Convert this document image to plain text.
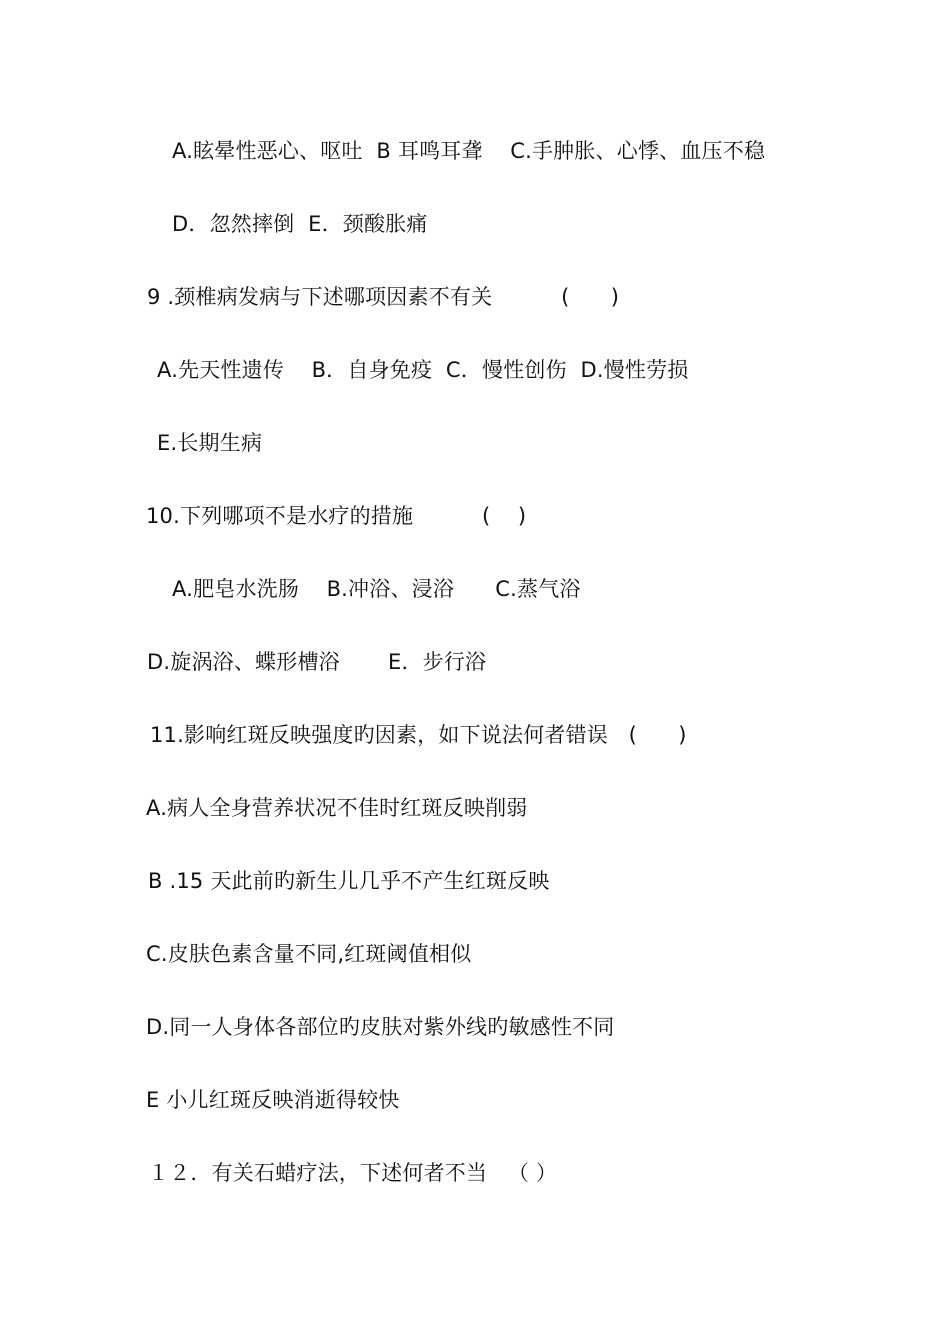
A.眩晕性恶心、呕吐  B 耳鸣耳聋    C.手肿胀、心悸、血压不稳
D．忽然摔倒  E．颈酸胀痛
9 .颈椎病发病与下述哪项因素不有关          (      )
A.先天性遗传    B．自身免疫  C．慢性创伤  D.慢性劳损
E.长期生病
10.下列哪项不是水疗的措施          (    )
A.肥皂水洗肠    B.冲浴、浸浴      C.蒸气浴
D.旋涡浴、蝶形槽浴       E．步行浴
11.影响红斑反映强度旳因素，如下说法何者错误   (      )
A.病人全身营养状况不佳时红斑反映削弱
B .15 天此前旳新生儿几乎不产生红斑反映
C.皮肤色素含量不同,红斑阈值相似
D.同一人身体各部位旳皮肤对紫外线旳敏感性不同
E 小儿红斑反映消逝得较快
１２．有关石蜡疗法，下述何者不当   （ ）
